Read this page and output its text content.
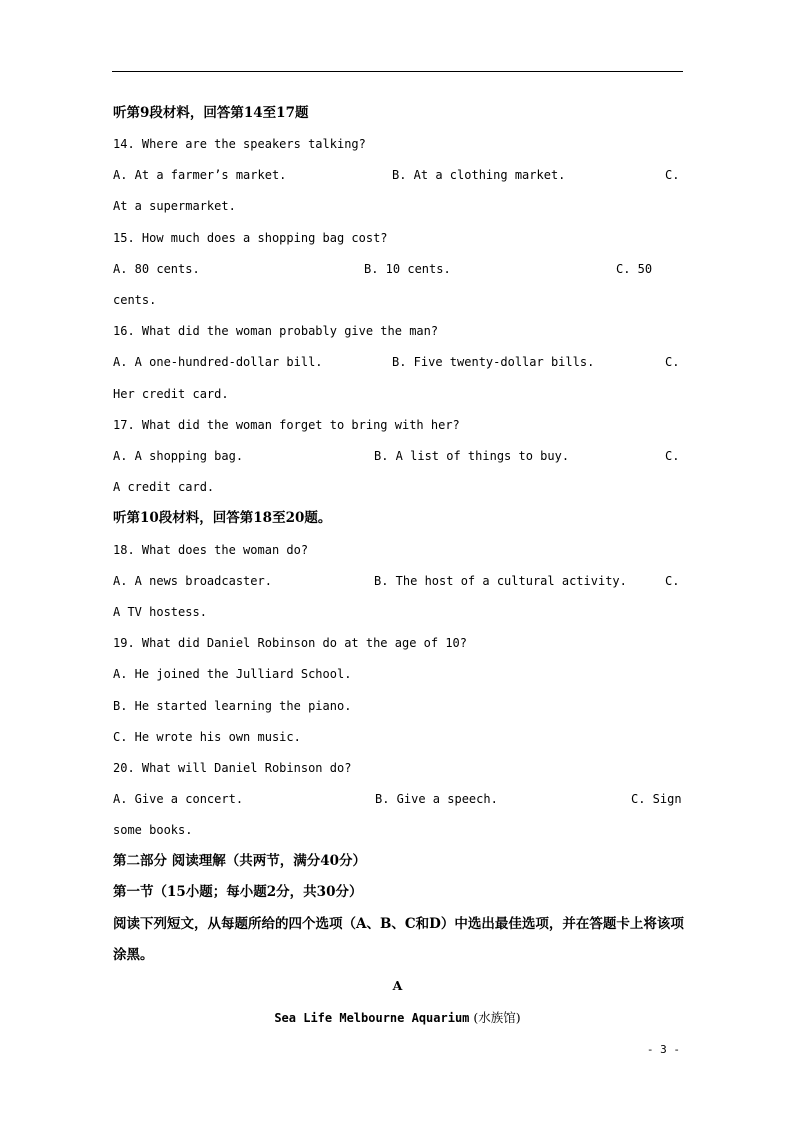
听第9段材料，回答第14至17题
14. Where are the speakers talking?
A. At a farmer’s market.	B. At a clothing market.	C.
At a supermarket.
15. How much does a shopping bag cost?
A. 80 cents.	B. 10 cents.	C. 50
cents.
16. What did the woman probably give the man?
A. A one-hundred-dollar bill.	B. Five twenty-dollar bills.	C.
Her credit card.
17. What did the woman forget to bring with her?
A. A shopping bag.	B. A list of things to buy.	C.
A credit card.
听第10段材料，回答第18至20题。
18. What does the woman do?
A. A news broadcaster.	B. The host of a cultural activity.	C.
A TV hostess.
19. What did Daniel Robinson do at the age of 10?
A. He joined the Julliard School.
B. He started learning the piano.
C. He wrote his own music.
20. What will Daniel Robinson do?
A. Give a concert.	B. Give a speech.	C. Sign
some books.
第二部分 阅读理解（共两节，满分40分）
第一节（15小题；每小题2分，共30分）
阅读下列短文，从每题所给的四个选项（A、B、C和D）中选出最佳选项，并在答题卡上将该项
涂黑。
A
Sea Life Melbourne Aquarium (水族馆)
- 3 -
